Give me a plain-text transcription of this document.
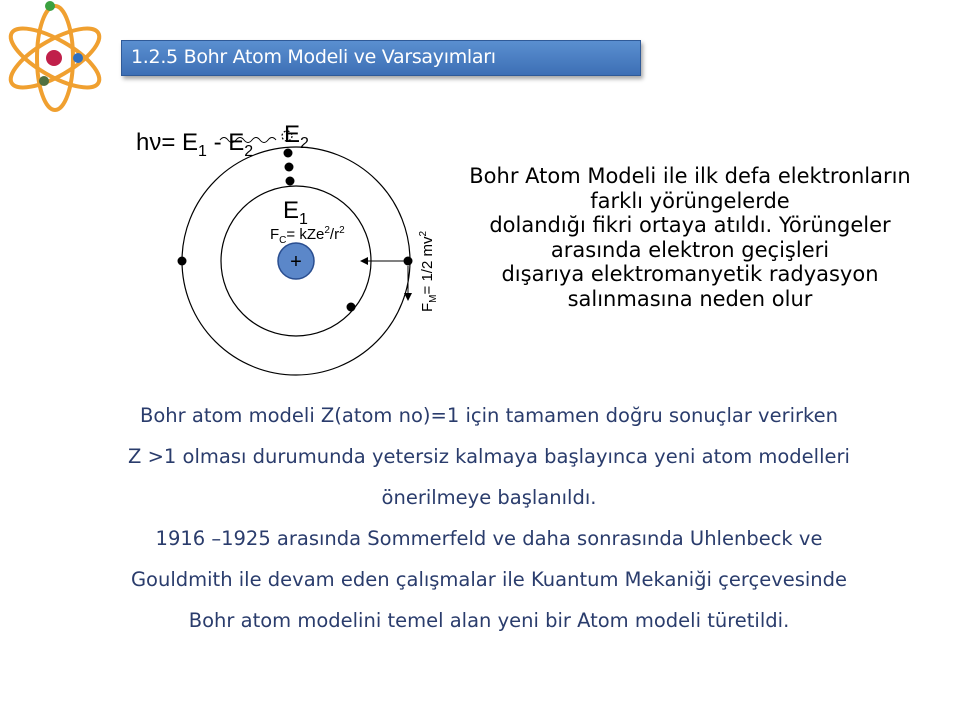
1.2.5 Bohr Atom Modeli ve Varsayımları
+
$h\nu= E_1 - E_2$
$E_2$
$E_1$
$F_C= kZe^2/r^2$
$F_M= 1/2$ $mv^2$
Bohr Atom Modeli ile ilk defa elektronların
farklı yörüngelerde
dolandığı fikri ortaya atıldı. Yörüngeler
arasında elektron geçişleri
dışarıya elektromanyetik radyasyon
salınmasına neden olur
Bohr atom modeli Z(atom no)=1 için tamamen doğru sonuçlar verirken
Z >1 olması durumunda yetersiz kalmaya başlayınca yeni atom modelleri
önerilmeye başlanıldı.
1916 –1925 arasında Sommerfeld ve daha sonrasında Uhlenbeck ve
Gouldmith ile devam eden çalışmalar ile Kuantum Mekaniği çerçevesinde
Bohr atom modelini temel alan yeni bir Atom modeli türetildi.
